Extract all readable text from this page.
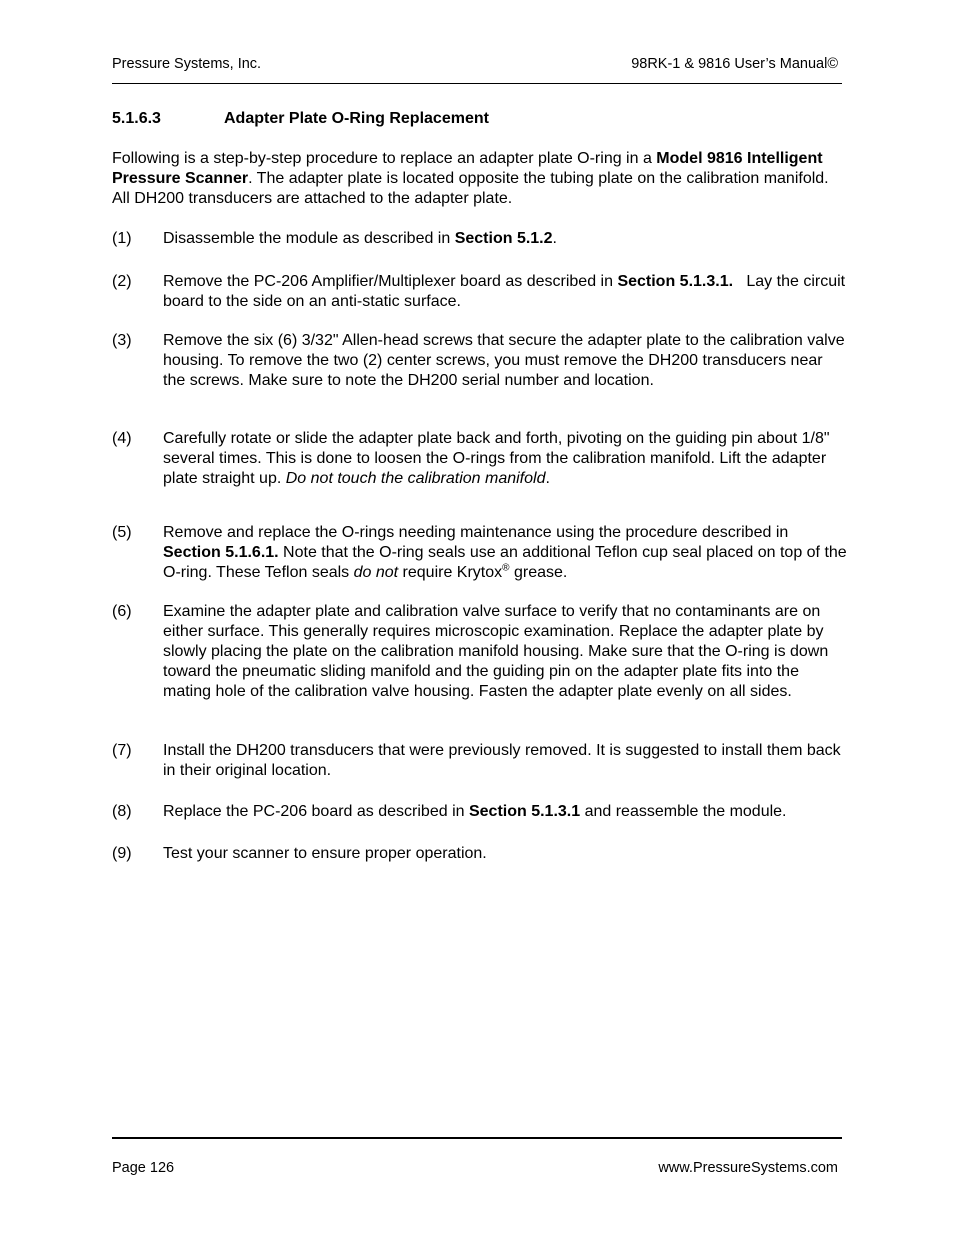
Pressure Systems, Inc.	98RK-1 & 9816 User’s Manual©
5.1.6.3	Adapter Plate O-Ring Replacement
Following is a step-by-step procedure to replace an adapter plate O-ring in a Model 9816 Intelligent Pressure Scanner. The adapter plate is located opposite the tubing plate on the calibration manifold. All DH200 transducers are attached to the adapter plate.
(1) Disassemble the module as described in Section 5.1.2.
(2) Remove the PC-206 Amplifier/Multiplexer board as described in Section 5.1.3.1.   Lay the circuit board to the side on an anti-static surface.
(3) Remove the six (6) 3/32" Allen-head screws that secure the adapter plate to the calibration valve housing. To remove the two (2) center screws, you must remove the DH200 transducers near the screws. Make sure to note the DH200 serial number and location.
(4) Carefully rotate or slide the adapter plate back and forth, pivoting on the guiding pin about 1/8" several times. This is done to loosen the O-rings from the calibration manifold. Lift the adapter plate straight up. Do not touch the calibration manifold.
(5) Remove and replace the O-rings needing maintenance using the procedure described in Section 5.1.6.1. Note that the O-ring seals use an additional Teflon cup seal placed on top of the O-ring. These Teflon seals do not require Krytox® grease.
(6) Examine the adapter plate and calibration valve surface to verify that no contaminants are on either surface. This generally requires microscopic examination. Replace the adapter plate by slowly placing the plate on the calibration manifold housing. Make sure that the O-ring is down toward the pneumatic sliding manifold and the guiding pin on the adapter plate fits into the mating hole of the calibration valve housing. Fasten the adapter plate evenly on all sides.
(7) Install the DH200 transducers that were previously removed. It is suggested to install them back in their original location.
(8) Replace the PC-206 board as described in Section 5.1.3.1 and reassemble the module.
(9) Test your scanner to ensure proper operation.
Page 126	www.PressureSystems.com
